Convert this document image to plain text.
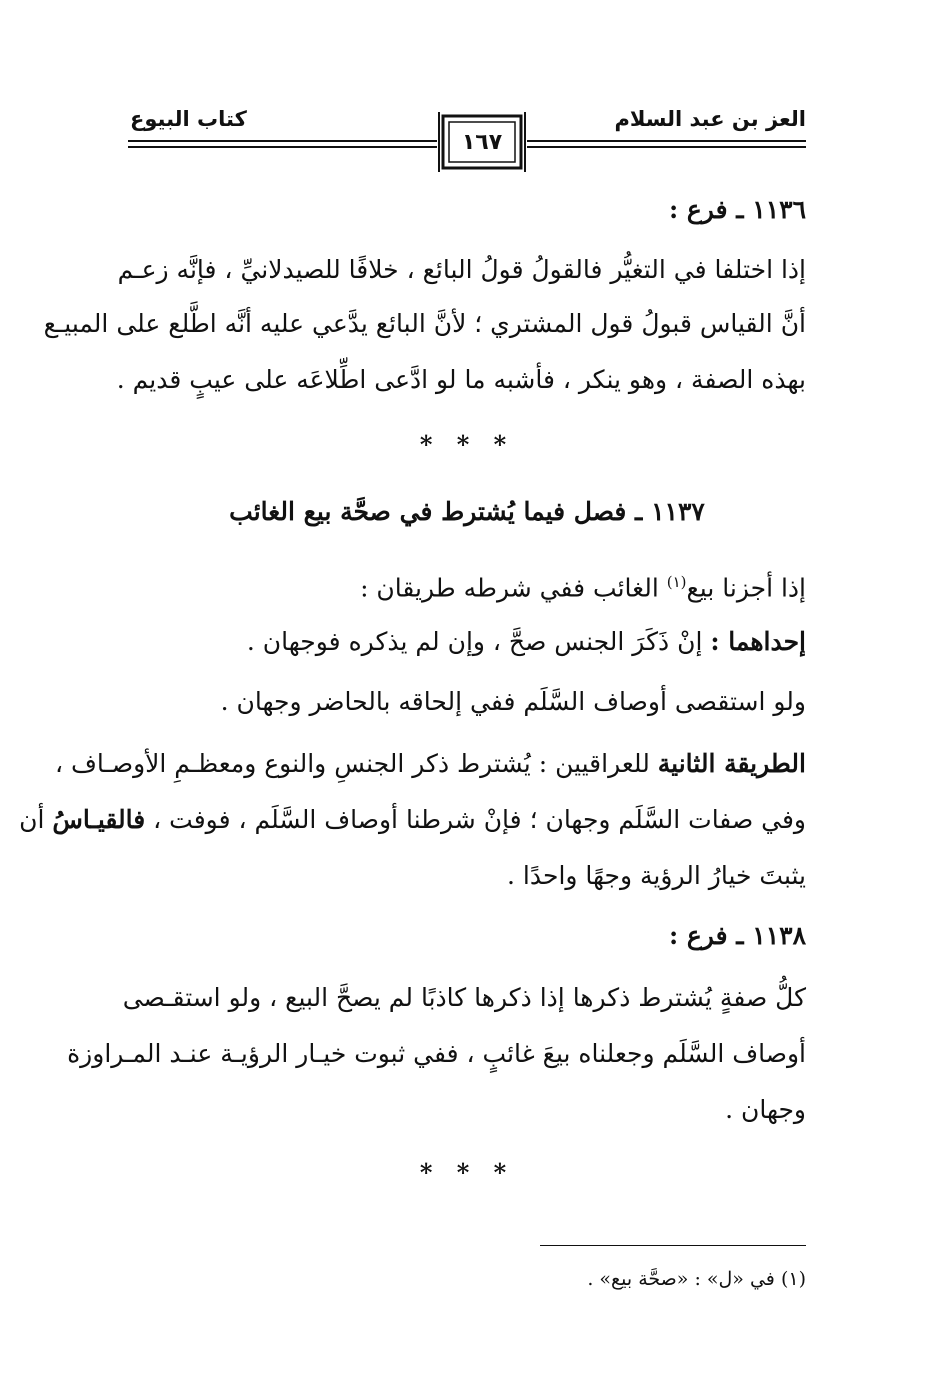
العز بن عبد السلام
كتاب البيوع
١٦٧
١١٣٦ ـ فرع :
إذا اختلفا في التغيُّر فالقولُ قولُ البائع ، خلافًا للصيدلانيِّ ، فإنَّه زعـم
أنَّ القياس قبولُ قول المشتري ؛ لأنَّ البائع يدَّعي عليه أنَّه اطَّلع على المبيـع
بهذه الصفة ، وهو ينكر ، فأشبه ما لو ادَّعى اطِّلاعَه على عيبٍ قديم .
* * *
١١٣٧ ـ فصل فيما يُشترط في صحَّة بيع الغائب
إذا أجزنا بيع$^{(١)}$ الغائب ففي شرطه طريقان :
إحداهما : إنْ ذَكَرَ الجنس صحَّ ، وإن لم يذكره فوجهان .
ولو استقصى أوصاف السَّلَم ففي إلحاقه بالحاضر وجهان .
الطريقة الثانية للعراقيين : يُشترط ذكر الجنسِ والنوع ومعظـمِ الأوصـاف ،
وفي صفات السَّلَم وجهان ؛ فإنْ شرطنا أوصاف السَّلَم ، فوفت ، فالقيـاسُ أن
يثبتَ خيارُ الرؤية وجهًا واحدًا .
١١٣٨ ـ فرع :
كلُّ صفةٍ يُشترط ذكرها إذا ذكرها كاذبًا لم يصحَّ البيع ، ولو استقـصى
أوصاف السَّلَم وجعلناه بيعَ غائبٍ ، ففي ثبوت خيـار الرؤيـة عنـد المـراوزة
وجهان .
* * *
(١) في «ل» : «صحَّة بيع» .
